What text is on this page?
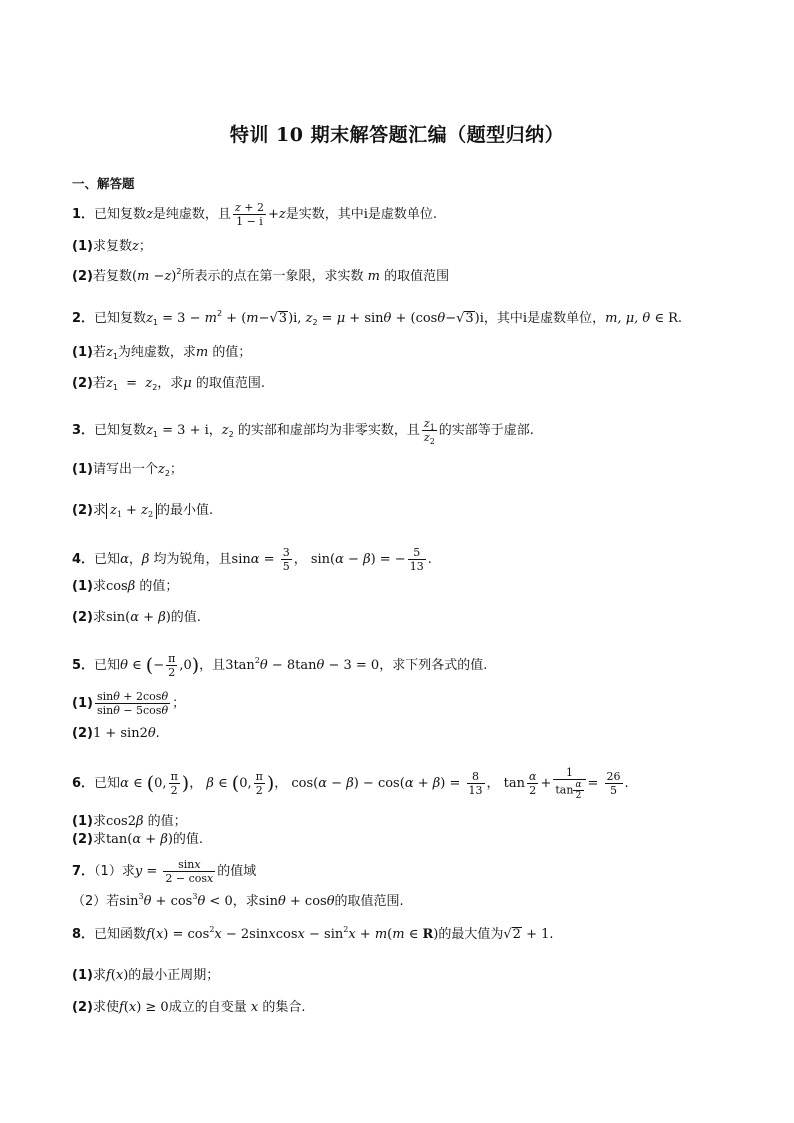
特训 10 期末解答题汇编（题型归纳）
一、解答题
1．已知复数z是纯虚数，且 $\frac{z + 2}{1 - i} +z$是实数，其中i是虚数单位.
(1)求复数z；
(2)若复数$(m -z)^2$所表示的点在第一象限，求实数 m 的取值范围
2．已知复数$z_1 = 3 - m^2 + (m-√3)i$, $z_2 = \mu + \sin\theta + (\cos\theta-√3)i$，其中i是虚数单位，m, μ, θ ∈ R.
(1)若$z_1$为纯虚数，求m 的值；
(2)若$z_1 = z_2$，求μ 的取值范围.
3．已知复数$z_1 = 3 + i$，$z_2$ 的实部和虚部均为非零实数，且 $\frac{z_1}{z_2}$ 的实部等于虚部.
(1)请写出一个$z_2$；
(2)求 $z_1 + z_2$ 的最小值.
4．已知α，β 均为锐角，且$\sin\alpha = \frac{3}{5}$ ， sin(α − β) = − $\frac{5}{13}$ .
(1)求cosβ 的值；
(2)求sin(α + β)的值.
5．已知θ ∈ (− $\frac{\pi}{2} ,0$)，且$3\tan^2\theta - 8\tan\theta - 3 = 0$，求下列各式的值.
$(1) \frac{\sin\theta + 2\cos\theta}{\sin\theta - 5\cos\theta}$ ；
(2)1 + sin2θ.
6．已知α ∈ (0, $\frac{\pi}{2}$ )， β ∈ (0, $\frac{\pi}{2}$ )， $\cos(\alpha - \beta) - \cos(\alpha + \beta) = \frac{8}{13}$ ， $\tan \frac{\alpha}{2} + \frac{1}{\tan \frac{\alpha}{2}} = \frac{26}{5}$ .
(1)求cos2β 的值；
(2)求tan(α + β)的值.
7．（1）求$y = \frac{\sin x}{2 - \cos x}$ 的值域
（2）若$\sin^3\theta + \cos^3\theta < 0$，求sinθ + cosθ的取值范围.
8．已知函数$f(x) = \cos^2x$ − 2sinxcosx − $\sin^2x + m(m$ ∈ R)的最大值为√2 + 1.
(1)求f(x)的最小正周期；
(2)求使f(x) ≥ 0成立的自变量 x 的集合.
